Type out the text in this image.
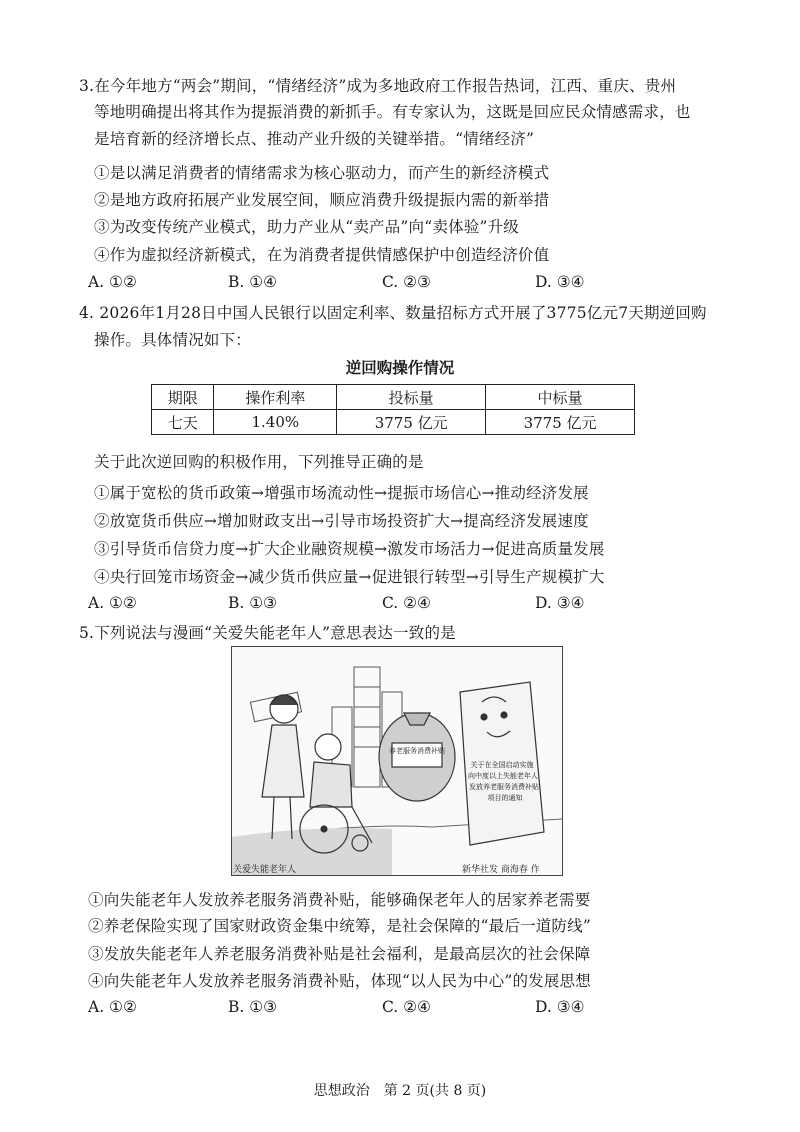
3.在今年地方“两会”期间，“情绪经济”成为多地政府工作报告热词，江西、重庆、贵州
等地明确提出将其作为提振消费的新抓手。有专家认为，这既是回应民众情感需求，也
是培育新的经济增长点、推动产业升级的关键举措。“情绪经济”
①是以满足消费者的情绪需求为核心驱动力，而产生的新经济模式
②是地方政府拓展产业发展空间，顺应消费升级提振内需的新举措
③为改变传统产业模式，助力产业从“卖产品”向“卖体验”升级
④作为虚拟经济新模式，在为消费者提供情感保护中创造经济价值
A. ①②	B. ①④	C. ②③	D. ③④
4. 2026年1月28日中国人民银行以固定利率、数量招标方式开展了3775亿元7天期逆回购
操作。具体情况如下：
逆回购操作情况
期限	操作利率	投标量	中标量
七天	1.40%	3775 亿元	3775 亿元
关于此次逆回购的积极作用，下列推导正确的是
①属于宽松的货币政策→增强市场流动性→提振市场信心→推动经济发展
②放宽货币供应→增加财政支出→引导市场投资扩大→提高经济发展速度
③引导货币信贷力度→扩大企业融资规模→激发市场活力→促进高质量发展
④央行回笼市场资金→减少货币供应量→促进银行转型→引导生产规模扩大
A. ①②	B. ①③	C. ②④	D. ③④
5.下列说法与漫画“关爱失能老年人”意思表达一致的是
养老服务消费补贴
关于在全国启动实施
向中度以上失能老年人
发放养老服务消费补贴
项目的通知
关爱失能老年人	新华社发 商海春 作
①向失能老年人发放养老服务消费补贴，能够确保老年人的居家养老需要
②养老保险实现了国家财政资金集中统筹，是社会保障的“最后一道防线”
③发放失能老年人养老服务消费补贴是社会福利，是最高层次的社会保障
④向失能老年人发放养老服务消费补贴，体现“以人民为中心”的发展思想
A. ①②	B. ①③	C. ②④	D. ③④
思想政治　第 2 页(共 8 页)
